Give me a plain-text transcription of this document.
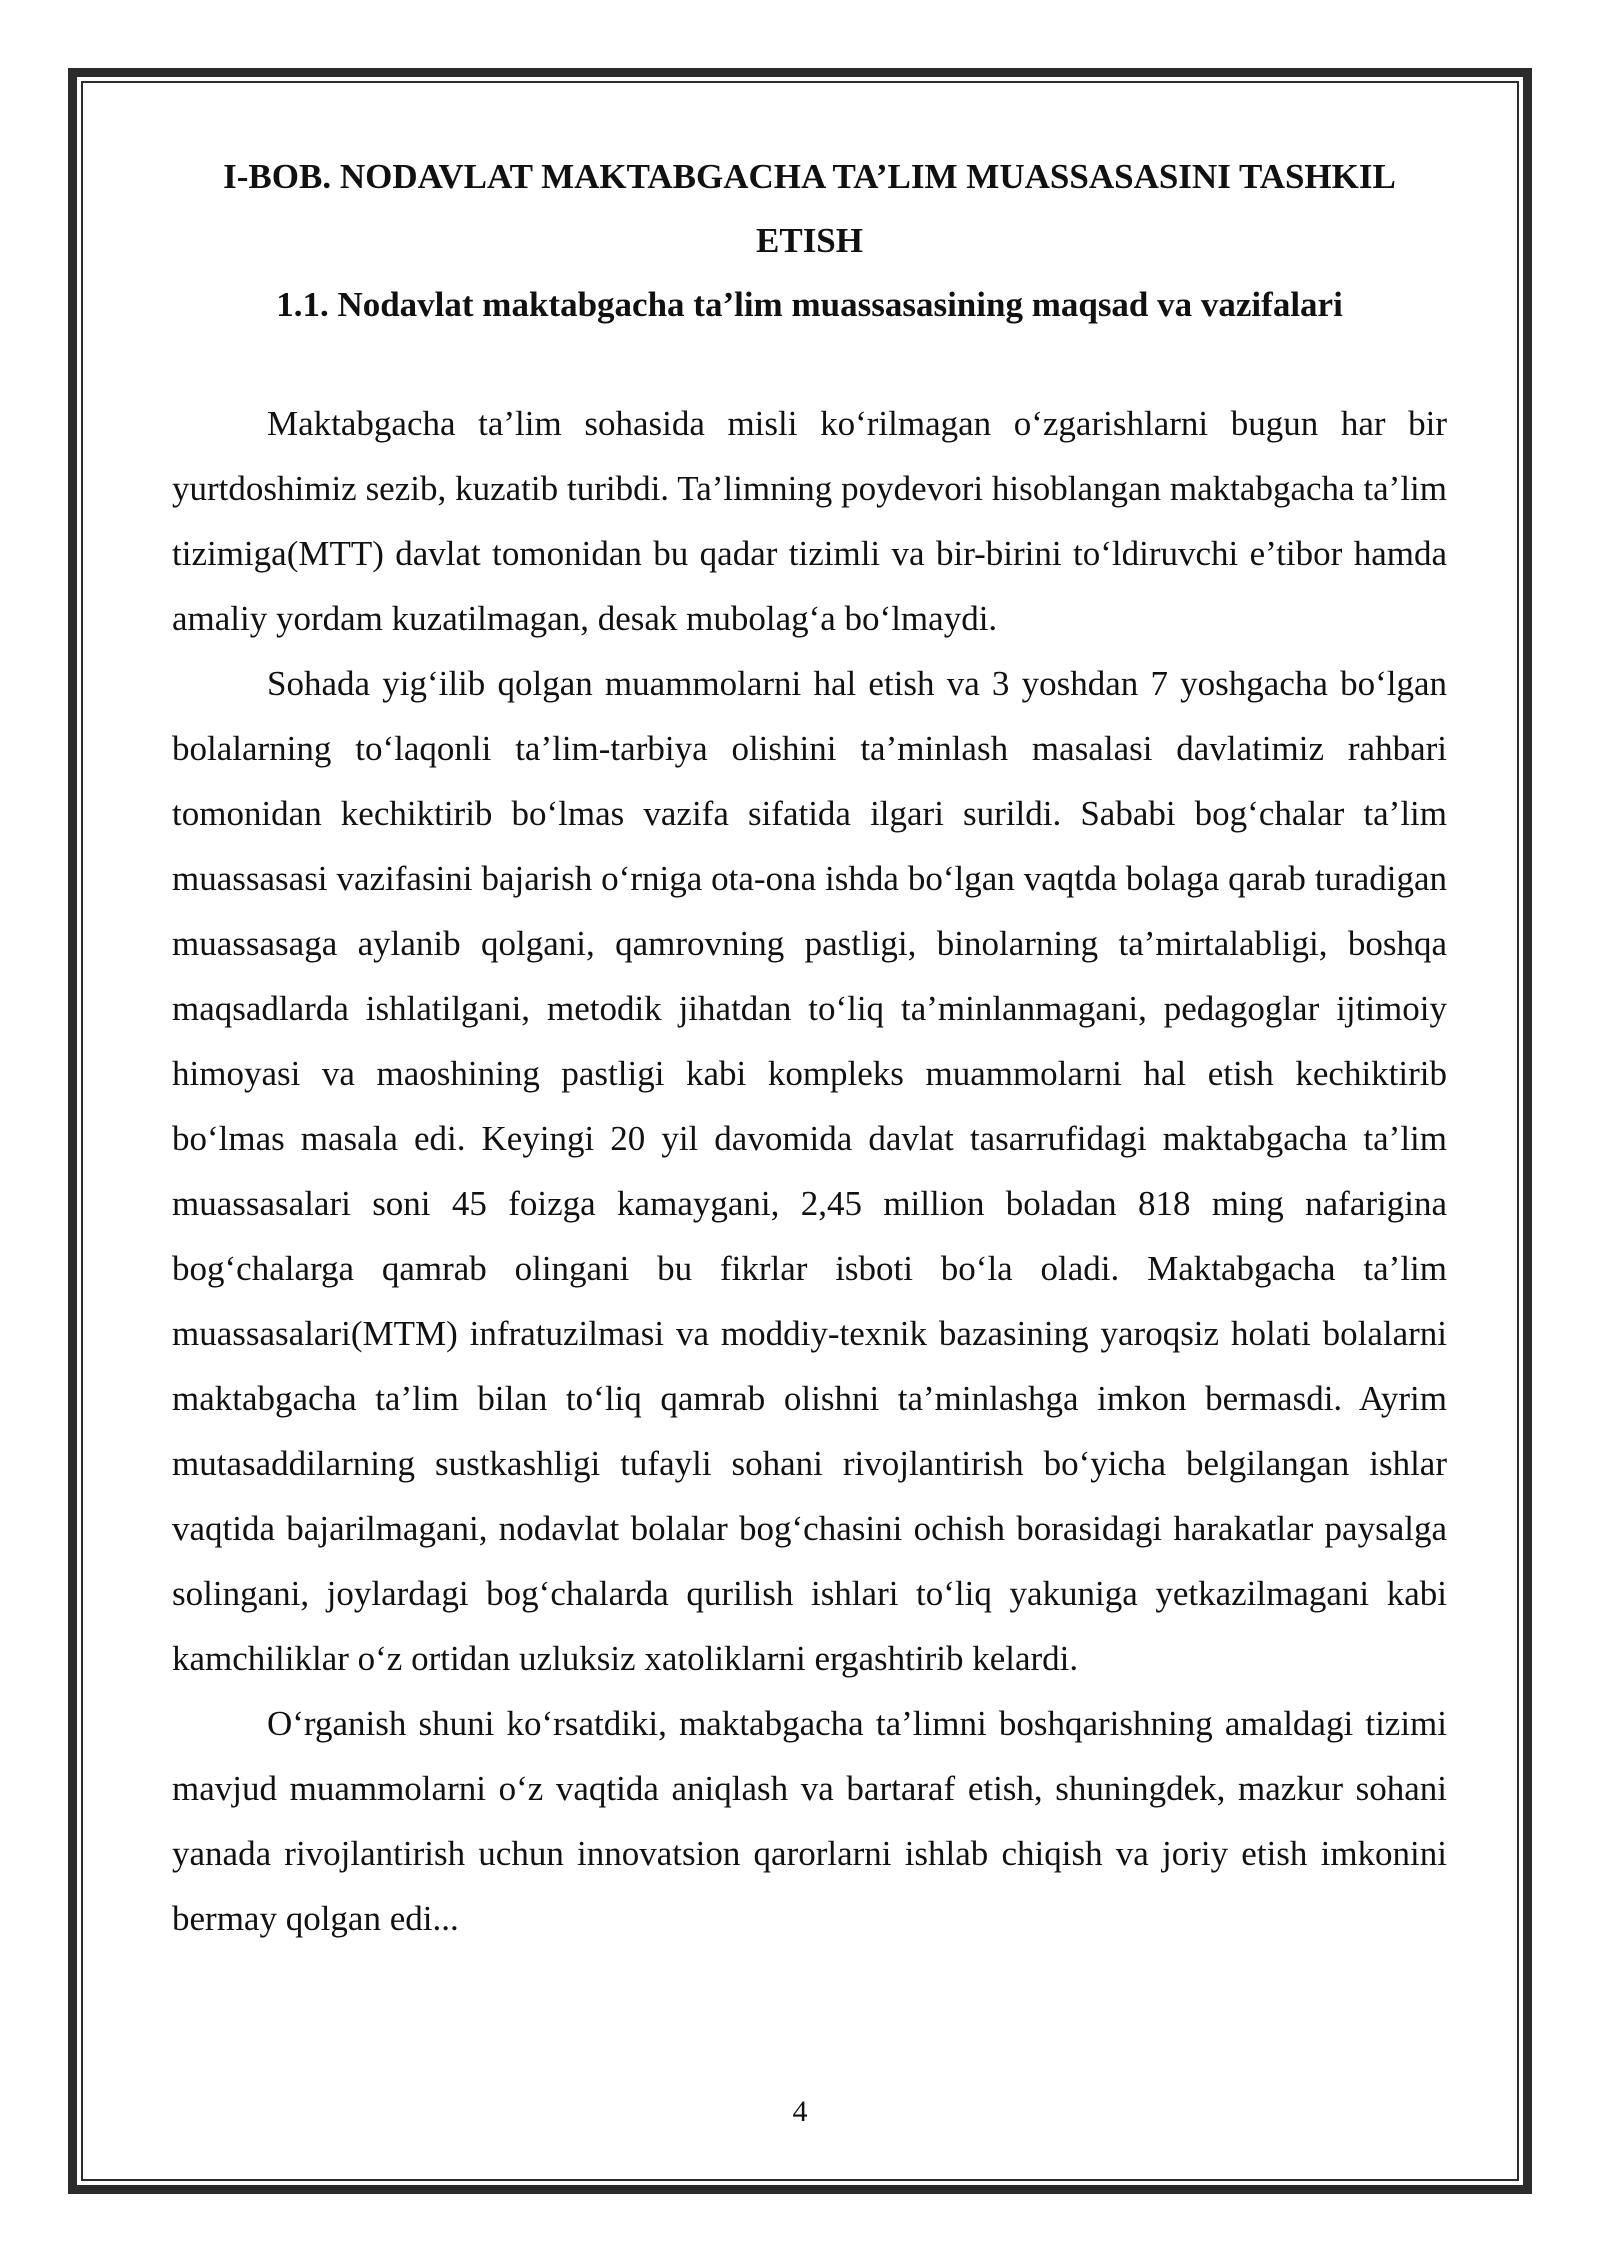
I-BOB. NODAVLAT MAKTABGACHA TA’LIM MUASSASASINI TASHKIL ETISH
1.1. Nodavlat maktabgacha ta’lim muassasasining maqsad va vazifalari

Maktabgacha ta’lim sohasida misli ko‘rilmagan o‘zgarishlarni bugun har bir yurtdoshimiz sezib, kuzatib turibdi. Ta’limning poydevori hisoblangan maktabgacha ta’lim tizimiga(MTT) davlat tomonidan bu qadar tizimli va bir-birini to‘ldiruvchi e’tibor hamda amaliy yordam kuzatilmagan, desak mubolag‘a bo‘lmaydi.

Sohada yig‘ilib qolgan muammolarni hal etish va 3 yoshdan 7 yoshgacha bo‘lgan bolalarning to‘laqonli ta’lim-tarbiya olishini ta’minlash masalasi davlatimiz rahbari tomonidan kechiktirib bo‘lmas vazifa sifatida ilgari surildi. Sababi bog‘chalar ta’lim muassasasi vazifasini bajarish o‘rniga ota-ona ishda bo‘lgan vaqtda bolaga qarab turadigan muassasaga aylanib qolgani, qamrovning pastligi, binolarning ta’mirtalabligi, boshqa maqsadlarda ishlatilgani, metodik jihatdan to‘liq ta’minlanmagani, pedagoglar ijtimoiy himoyasi va maoshining pastligi kabi kompleks muammolarni hal etish kechiktirib bo‘lmas masala edi. Keyingi 20 yil davomida davlat tasarrufidagi maktabgacha ta’lim muassasalari soni 45 foizga kamaygani, 2,45 million boladan 818 ming nafarigina bog‘chalarga qamrab olingani bu fikrlar isboti bo‘la oladi. Maktabgacha ta’lim muassasalari(MTM) infratuzilmasi va moddiy-texnik bazasining yaroqsiz holati bolalarni maktabgacha ta’lim bilan to‘liq qamrab olishni ta’minlashga imkon bermasdi. Ayrim mutasaddilarning sustkashligi tufayli sohani rivojlantirish bo‘yicha belgilangan ishlar vaqtida bajarilmagani, nodavlat bolalar bog‘chasini ochish borasidagi harakatlar paysalga solingani, joylardagi bog‘chalarda qurilish ishlari to‘liq yakuniga yetkazilmagani kabi kamchiliklar o‘z ortidan uzluksiz xatoliklarni ergashtirib kelardi.

O‘rganish shuni ko‘rsatdiki, maktabgacha ta’limni boshqarishning amaldagi tizimi mavjud muammolarni o‘z vaqtida aniqlash va bartaraf etish, shuningdek, mazkur sohani yanada rivojlantirish uchun innovatsion qarorlarni ishlab chiqish va joriy etish imkonini bermay qolgan edi...

4
